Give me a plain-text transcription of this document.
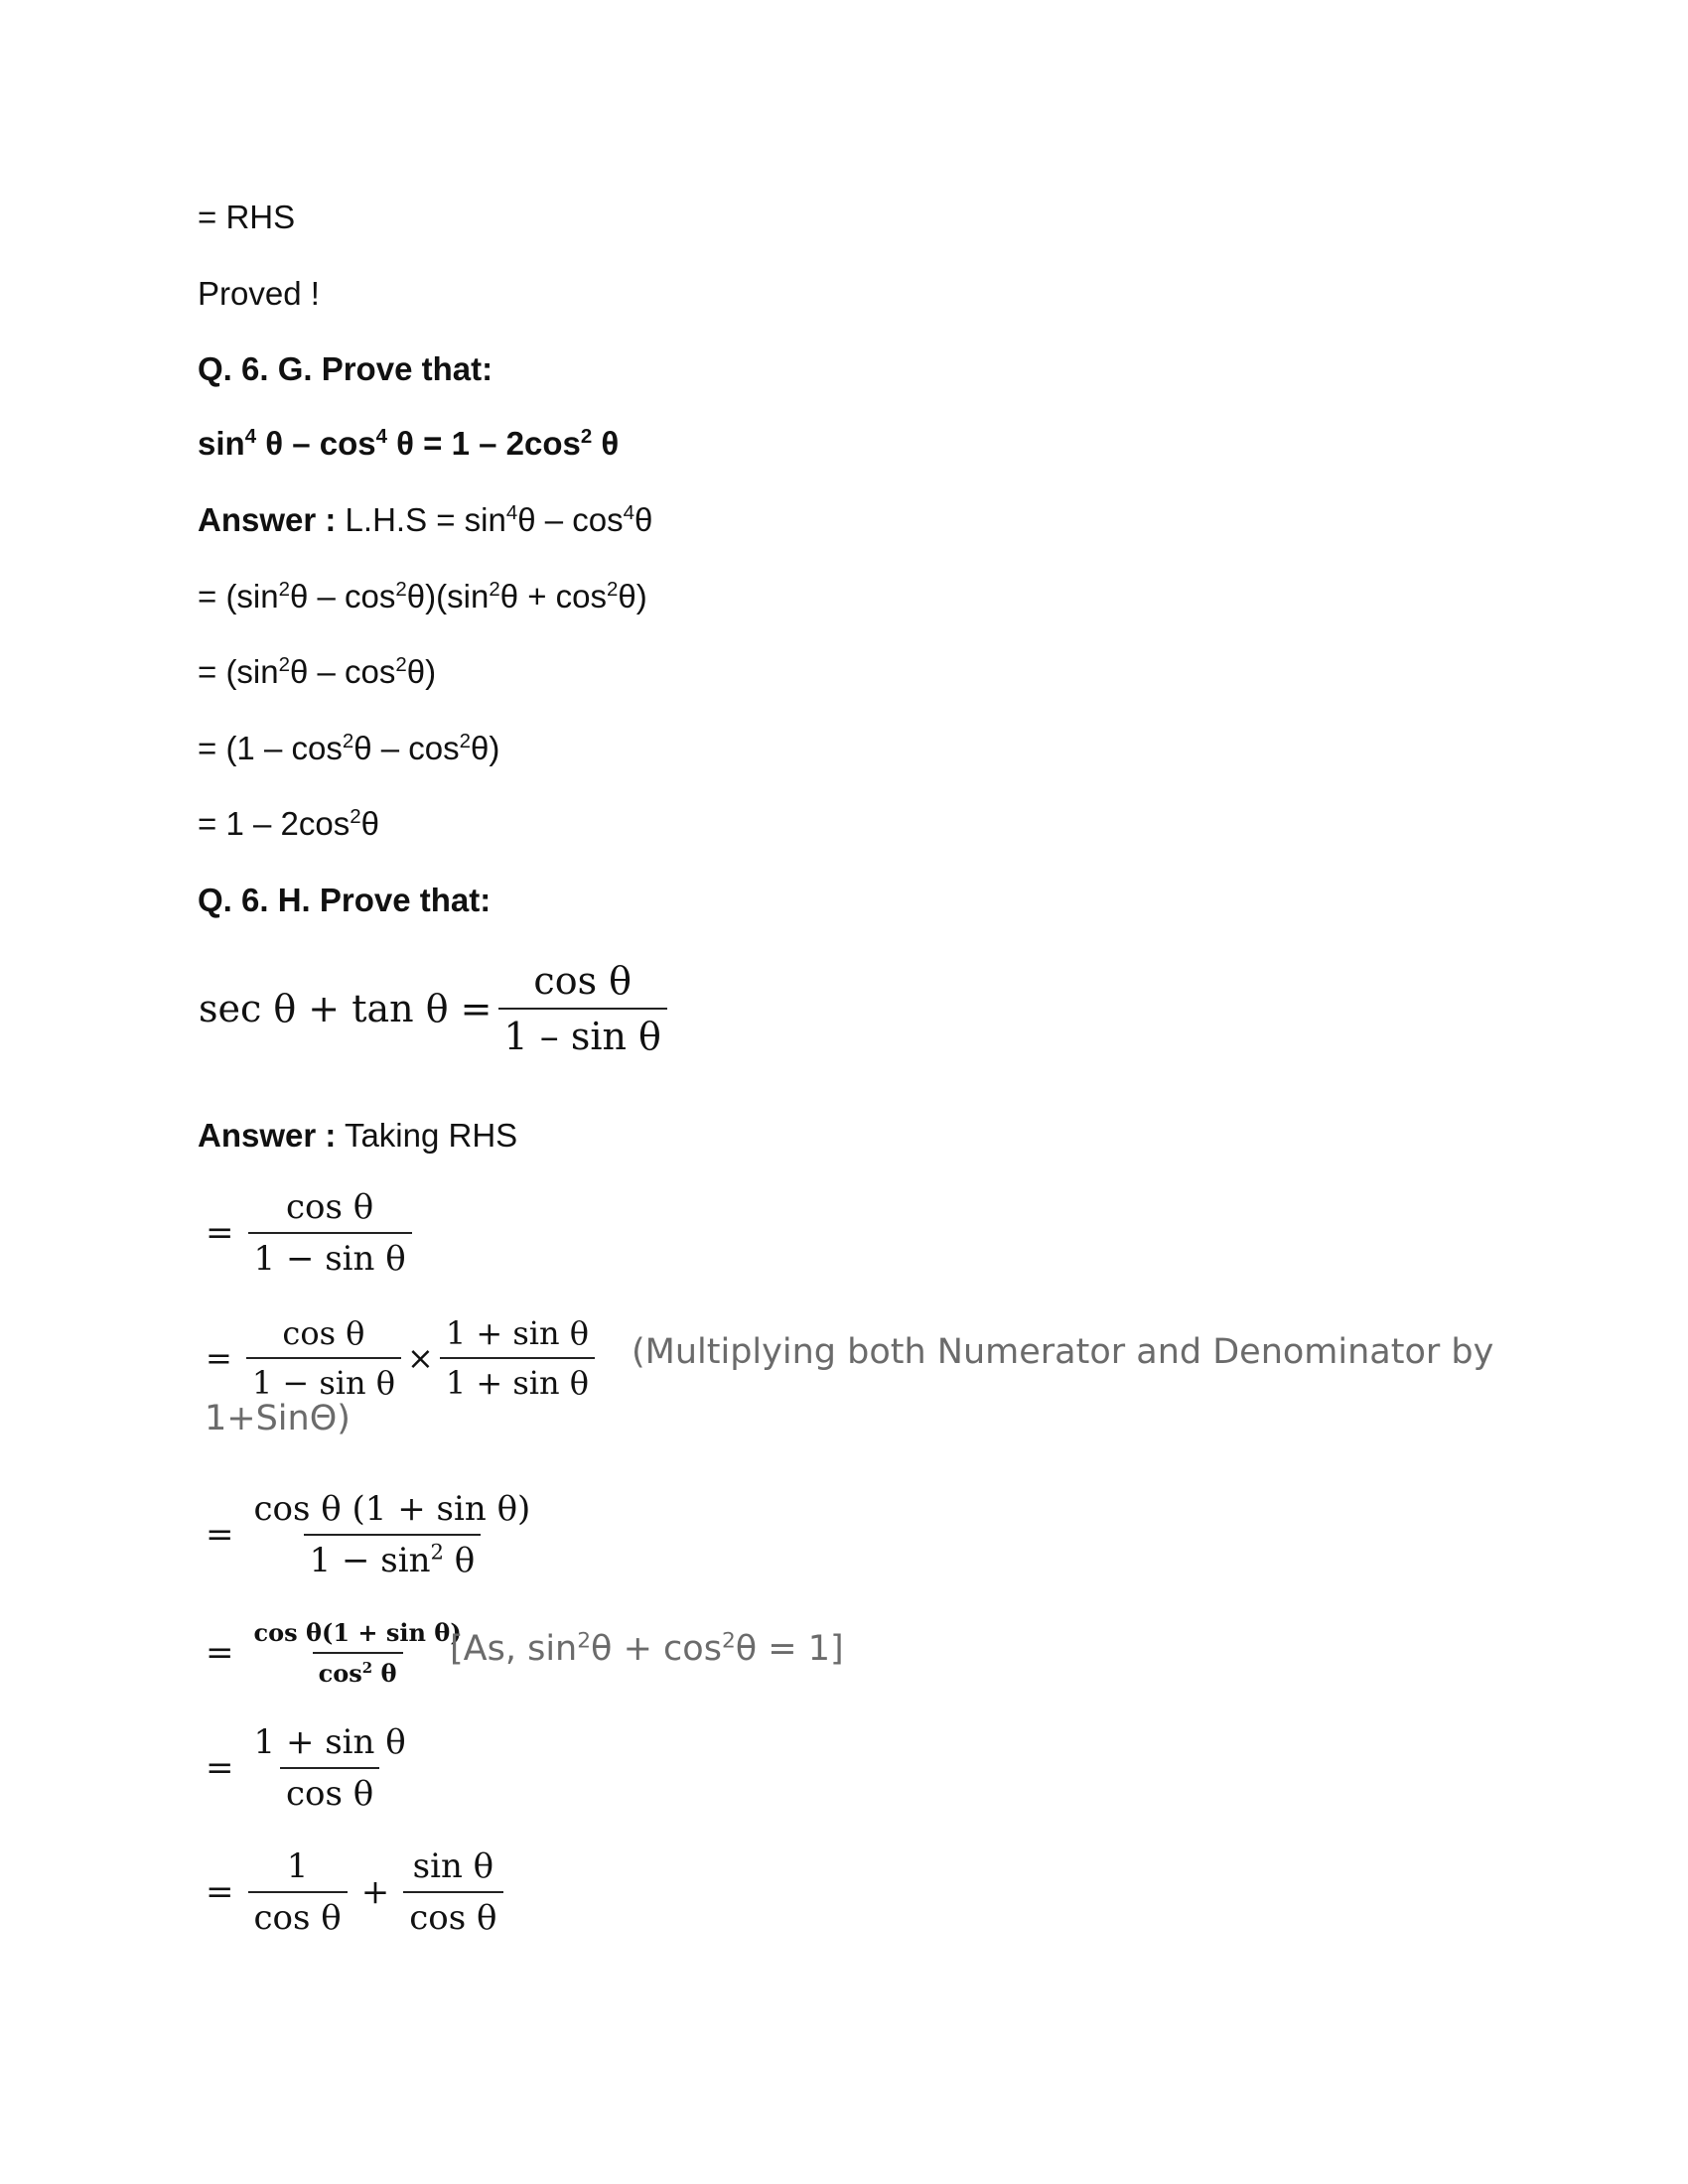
= RHS
Proved !
Q. 6. G. Prove that:
$\sin^4 \theta - \cos^4 \theta = 1 - 2\cos^2$ θ
Answer : $L.H.S = \sin^4\theta - \cos^4\theta$
= $(\sin^2\theta - \cos^2\theta)(\sin^2\theta + \cos^2\theta)$
= $(\sin^2\theta - \cos^2\theta)$
= $(1 - \cos^2\theta - \cos^2\theta)$
= $1 - 2\cos^2\theta$
Q. 6. H. Prove that:
$\sec \theta + \tan \theta = \frac{\text{cos θ}}{\text{1 – sin θ}}$
Answer : Taking RHS
= $\frac{\text{cos θ}}{\text{1 − sin θ}}$
= $\frac{\text{cos θ}}{\text{1 − sin θ}} \times \frac{\text{1 + sin θ}}{\text{1 + sin θ}}$ (Multiplying both Numerator and Denominator by
1+SinΘ)
= $\frac{\text{cos θ (1 + sin θ)}}{1 - \sin^2 \theta}$
= $\frac{\text{cos θ(1 + sin θ)}}{\cos^2 \theta}$
[As, $\sin^2\theta + \cos^2\theta = 1$]
= $\frac{\text{1 + sin θ}}{\text{cos θ}}$
= $\frac{1}{\text{cos θ}} + \frac{\text{sin θ}}{\text{cos θ}}$
